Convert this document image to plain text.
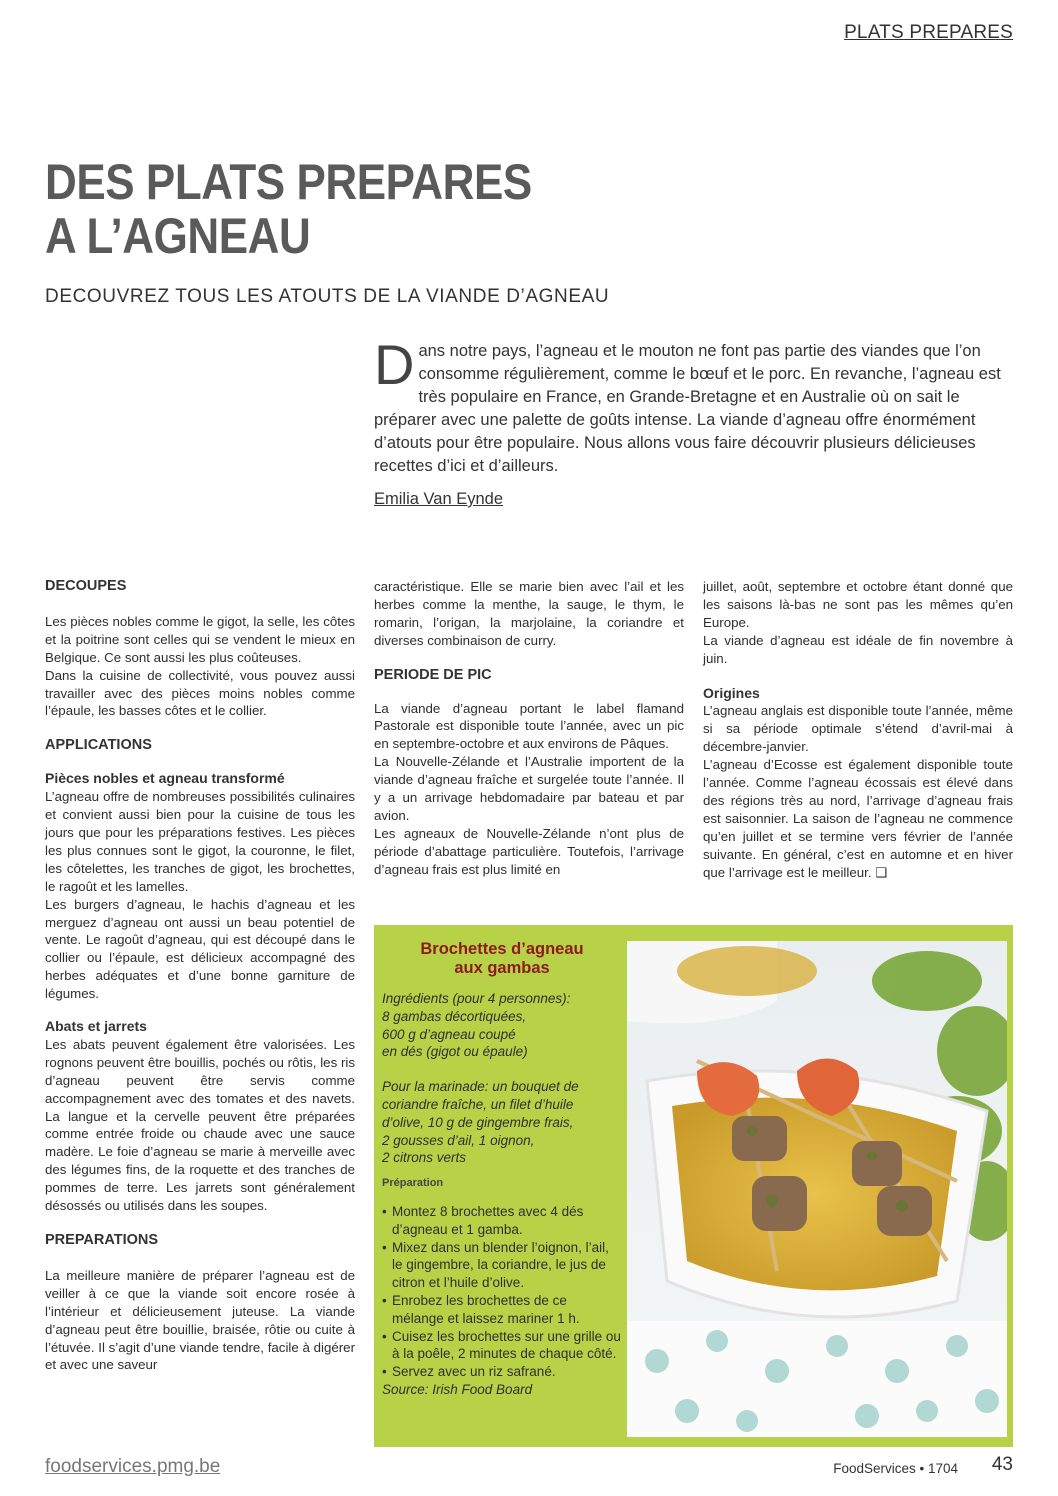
PLATS PREPARES
DES PLATS PREPARES
A L’AGNEAU
DECOUVREZ TOUS LES ATOUTS DE LA VIANDE D’AGNEAU
D ans notre pays, l’agneau et le mouton ne font pas partie des viandes que l’on consomme régulièrement, comme le bœuf et le porc. En revanche, l’agneau est très populaire en France, en Grande-Bretagne et en Australie où on sait le préparer avec une palette de goûts intense. La viande d’agneau offre énormément d’atouts pour être populaire. Nous allons vous faire découvrir plusieurs délicieuses recettes d’ici et d’ailleurs.
Emilia Van Eynde
DECOUPES

Les pièces nobles comme le gigot, la selle, les côtes et la poitrine sont celles qui se vendent le mieux en Belgique. Ce sont aussi les plus coûteuses.

Dans la cuisine de collectivité, vous pouvez aussi travailler avec des pièces moins nobles comme l’épaule, les basses côtes et le collier.

APPLICATIONS
Pièces nobles et agneau transformé

L’agneau offre de nombreuses possibilités culinaires et convient aussi bien pour la cuisine de tous les jours que pour les préparations festives. Les pièces les plus connues sont le gigot, la couronne, le filet, les côtelettes, les tranches de gigot, les brochettes, le ragoût et les lamelles.

Les burgers d’agneau, le hachis d’agneau et les merguez d’agneau ont aussi un beau potentiel de vente. Le ragoût d’agneau, qui est découpé dans le collier ou l’épaule, est délicieux accompagné des herbes adéquates et d’une bonne garniture de légumes.

Abats et jarrets

Les abats peuvent également être valorisées. Les rognons peuvent être bouillis, pochés ou rôtis, les ris d’agneau peuvent être servis comme accompagnement avec des tomates et des navets. La langue et la cervelle peuvent être préparées comme entrée froide ou chaude avec une sauce madère. Le foie d’agneau se marie à merveille avec des légumes fins, de la roquette et des tranches de pommes de terre. Les jarrets sont généralement désossés ou utilisés dans les soupes.

PREPARATIONS

La meilleure manière de préparer l’agneau est de veiller à ce que la viande soit encore rosée à l’intérieur et délicieusement juteuse. La viande d’agneau peut être bouillie, braisée, rôtie ou cuite à l’étuvée. Il s’agit d’une viande tendre, facile à digérer et avec une saveur

caractéristique. Elle se marie bien avec l’ail et les herbes comme la menthe, la sauge, le thym, le romarin, l’origan, la marjolaine, la coriandre et diverses combinaison de curry.

PERIODE DE PIC

La viande d’agneau portant le label flamand Pastorale est disponible toute l’année, avec un pic en septembre-octobre et aux environs de Pâques.

La Nouvelle-Zélande et l’Australie importent de la viande d’agneau fraîche et surgelée toute l’année. Il y a un arrivage hebdomadaire par bateau et par avion.

Les agneaux de Nouvelle-Zélande n’ont plus de période d’abattage particulière. Toutefois, l’arrivage d’agneau frais est plus limité en

juillet, août, septembre et octobre étant donné que les saisons là-bas ne sont pas les mêmes qu’en Europe.

La viande d’agneau est idéale de fin novembre à juin.

Origines

L’agneau anglais est disponible toute l’année, même si sa période optimale s’étend d’avril-mai à décembre-janvier.

L’agneau d’Ecosse est également disponible toute l’année. Comme l’agneau écossais est élevé dans des régions très au nord, l’arrivage d’agneau frais est saisonnier. La saison de l’agneau ne commence qu’en juillet et se termine vers février de l’année suivante. En général, c’est en automne et en hiver que l’arrivage est le meilleur. ❑

Brochettes d’agneau
aux gambas

Ingrédients (pour 4 personnes):

8 gambas décortiquées,

600 g d’agneau coupé

en dés (gigot ou épaule)

Pour la marinade: un bouquet de

coriandre fraîche, un filet d’huile

d’olive, 10 g de gingembre frais,

2 gousses d’ail, 1 oignon,

2 citrons verts

Préparation
• Montez 8 brochettes avec 4 dés d’agneau et 1 gamba.
• Mixez dans un blender l’oignon, l’ail, le gingembre, la coriandre, le jus de citron et l’huile d’olive.
• Enrobez les brochettes de ce mélange et laissez mariner 1 h.
• Cuisez les brochettes sur une grille ou à la poêle, 2 minutes de chaque côté.
• Servez avec un riz safrané.

Source: Irish Food Board

foodservices.pmg.be	FoodServices • 1704 43
